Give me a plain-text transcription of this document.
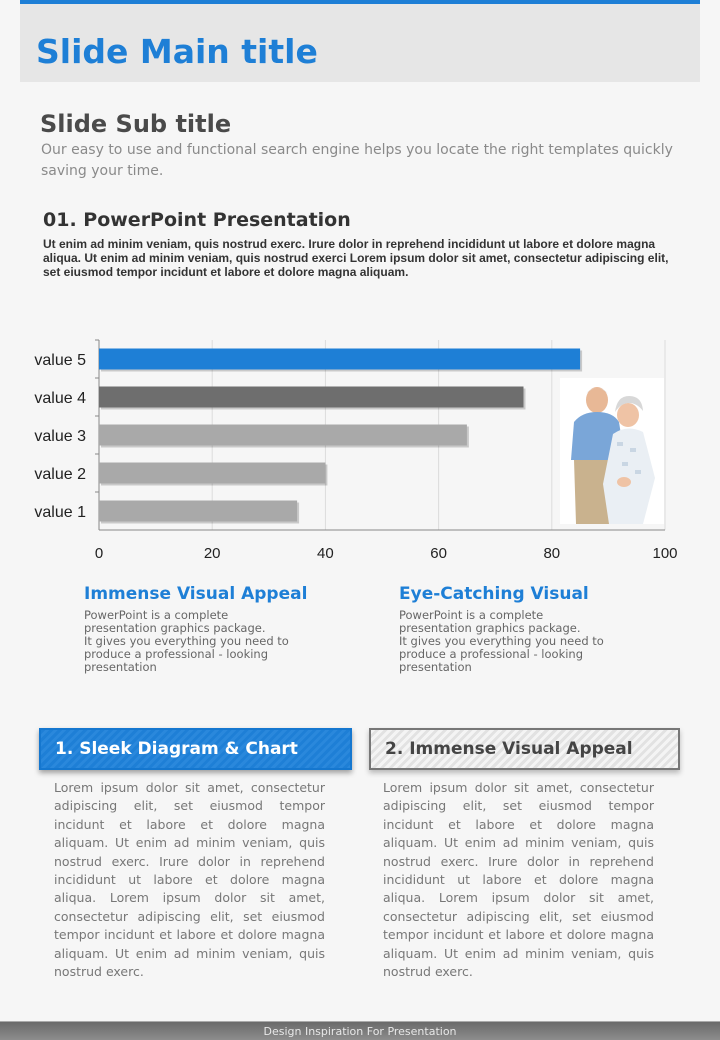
Slide Main title
Slide Sub title
Our easy to use and functional search engine helps you locate the right templates quickly saving your time.
01. PowerPoint Presentation
Ut enim ad minim veniam, quis nostrud exerc. Irure dolor in reprehend incididunt ut labore et dolore magna aliqua. Ut enim ad minim veniam, quis nostrud exerci Lorem ipsum dolor sit amet, consectetur adipiscing elit, set eiusmod tempor incidunt et labore et dolore magna aliquam.
0	20	40	60	80	100
value 5
value 4
value 3
value 2
value 1
Immense Visual Appeal
PowerPoint is a complete
presentation graphics package.
It gives you everything you need to
produce a professional - looking
presentation
Eye-Catching Visual
PowerPoint is a complete
presentation graphics package.
It gives you everything you need to
produce a professional - looking
presentation
1. Sleek Diagram & Chart	2. Immense Visual Appeal
Lorem ipsum dolor sit amet, consectetur adipiscing elit, set eiusmod tempor incidunt et labore et dolore magna aliquam. Ut enim ad minim veniam, quis nostrud exerc. Irure dolor in reprehend incididunt ut labore et dolore magna aliqua. Lorem ipsum dolor sit amet, consectetur adipiscing elit, set eiusmod tempor incidunt et labore et dolore magna aliquam. Ut enim ad minim veniam, quis nostrud exerc.
Lorem ipsum dolor sit amet, consectetur adipiscing elit, set eiusmod tempor incidunt et labore et dolore magna aliquam. Ut enim ad minim veniam, quis nostrud exerc. Irure dolor in reprehend incididunt ut labore et dolore magna aliqua. Lorem ipsum dolor sit amet, consectetur adipiscing elit, set eiusmod tempor incidunt et labore et dolore magna aliquam. Ut enim ad minim veniam, quis nostrud exerc.
Design Inspiration For Presentation
